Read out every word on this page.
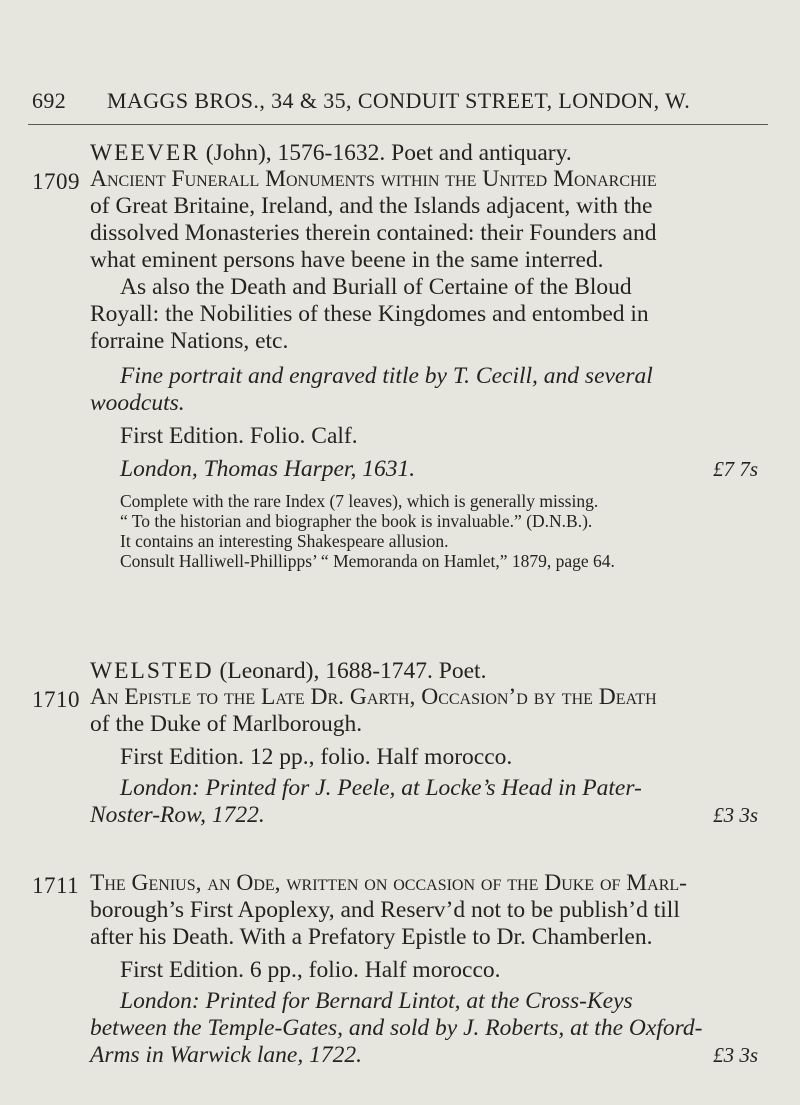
692 MAGGS BROS., 34 & 35, CONDUIT STREET, LONDON, W.
WEEVER (John), 1576-1632. Poet and antiquary.
1709 Ancient Funerall Monuments within the United Monarchie
of Great Britaine, Ireland, and the Islands adjacent, with the
dissolved Monasteries therein contained: their Founders and
what eminent persons have beene in the same interred.
As also the Death and Buriall of Certaine of the Bloud
Royall: the Nobilities of these Kingdomes and entombed in
forraine Nations, etc.
Fine portrait and engraved title by T. Cecill, and several
woodcuts.
First Edition. Folio. Calf.
London, Thomas Harper, 1631.	£7 7s
Complete with the rare Index (7 leaves), which is generally missing.
“ To the historian and biographer the book is invaluable.” (D.N.B.).
It contains an interesting Shakespeare allusion.
Consult Halliwell-Phillipps’ “ Memoranda on Hamlet,” 1879, page 64.
WELSTED (Leonard), 1688-1747. Poet.
1710 An Epistle to the Late Dr. Garth, Occasion’d by the Death
of the Duke of Marlborough.
First Edition. 12 pp., folio. Half morocco.
London: Printed for J. Peele, at Locke’s Head in Pater-
Noster-Row, 1722.	£3 3s
1711 The Genius, an Ode, written on occasion of the Duke of Marl-
borough’s First Apoplexy, and Reserv’d not to be publish’d till
after his Death. With a Prefatory Epistle to Dr. Chamberlen.
First Edition. 6 pp., folio. Half morocco.
London: Printed for Bernard Lintot, at the Cross-Keys
between the Temple-Gates, and sold by J. Roberts, at the Oxford-
Arms in Warwick lane, 1722.	£3 3s
